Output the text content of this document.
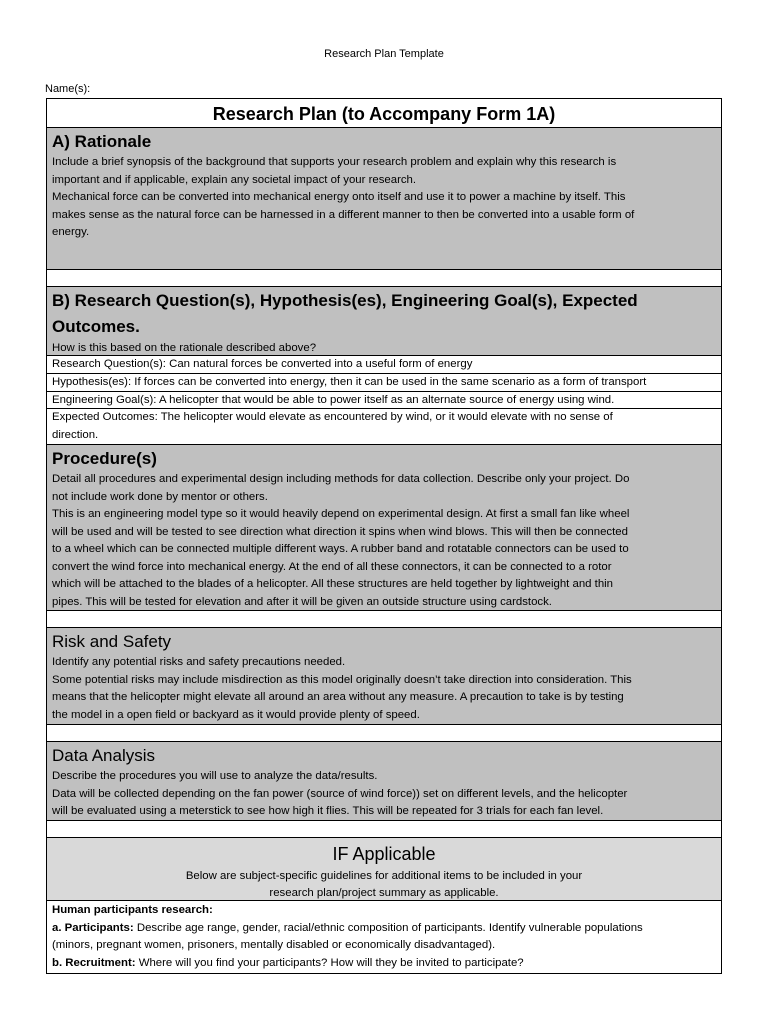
Research Plan Template
Name(s):
Research Plan (to Accompany Form 1A)
A) Rationale
Include a brief synopsis of the background that supports your research problem and explain why this research is
important and if applicable, explain any societal impact of your research.
Mechanical force can be converted into mechanical energy onto itself and use it to power a machine by itself. This
makes sense as the natural force can be harnessed in a different manner to then be converted into a usable form of
energy.
B) Research Question(s), Hypothesis(es), Engineering Goal(s), Expected
Outcomes.
How is this based on the rationale described above?
Research Question(s): Can natural forces be converted into a useful form of energy
Hypothesis(es): If forces can be converted into energy, then it can be used in the same scenario as a form of transport
Engineering Goal(s): A helicopter that would be able to power itself as an alternate source of energy using wind.
Expected Outcomes: The helicopter would elevate as encountered by wind, or it would elevate with no sense of
direction.
Procedure(s)
Detail all procedures and experimental design including methods for data collection. Describe only your project. Do
not include work done by mentor or others.
This is an engineering model type so it would heavily depend on experimental design. At first a small fan like wheel
will be used and will be tested to see direction what direction it spins when wind blows. This will then be connected
to a wheel which can be connected multiple different ways. A rubber band and rotatable connectors can be used to
convert the wind force into mechanical energy. At the end of all these connectors, it can be connected to a rotor
which will be attached to the blades of a helicopter. All these structures are held together by lightweight and thin
pipes. This will be tested for elevation and after it will be given an outside structure using cardstock.
Risk and Safety
Identify any potential risks and safety precautions needed.
Some potential risks may include misdirection as this model originally doesn’t take direction into consideration. This
means that the helicopter might elevate all around an area without any measure. A precaution to take is by testing
the model in a open field or backyard as it would provide plenty of speed.
Data Analysis
Describe the procedures you will use to analyze the data/results.
Data will be collected depending on the fan power (source of wind force)) set on different levels, and the helicopter
will be evaluated using a meterstick to see how high it flies. This will be repeated for 3 trials for each fan level.
IF Applicable
Below are subject-specific guidelines for additional items to be included in your
research plan/project summary as applicable.
Human participants research:
a. Participants: Describe age range, gender, racial/ethnic composition of participants. Identify vulnerable populations
(minors, pregnant women, prisoners, mentally disabled or economically disadvantaged).
b. Recruitment: Where will you find your participants? How will they be invited to participate?
